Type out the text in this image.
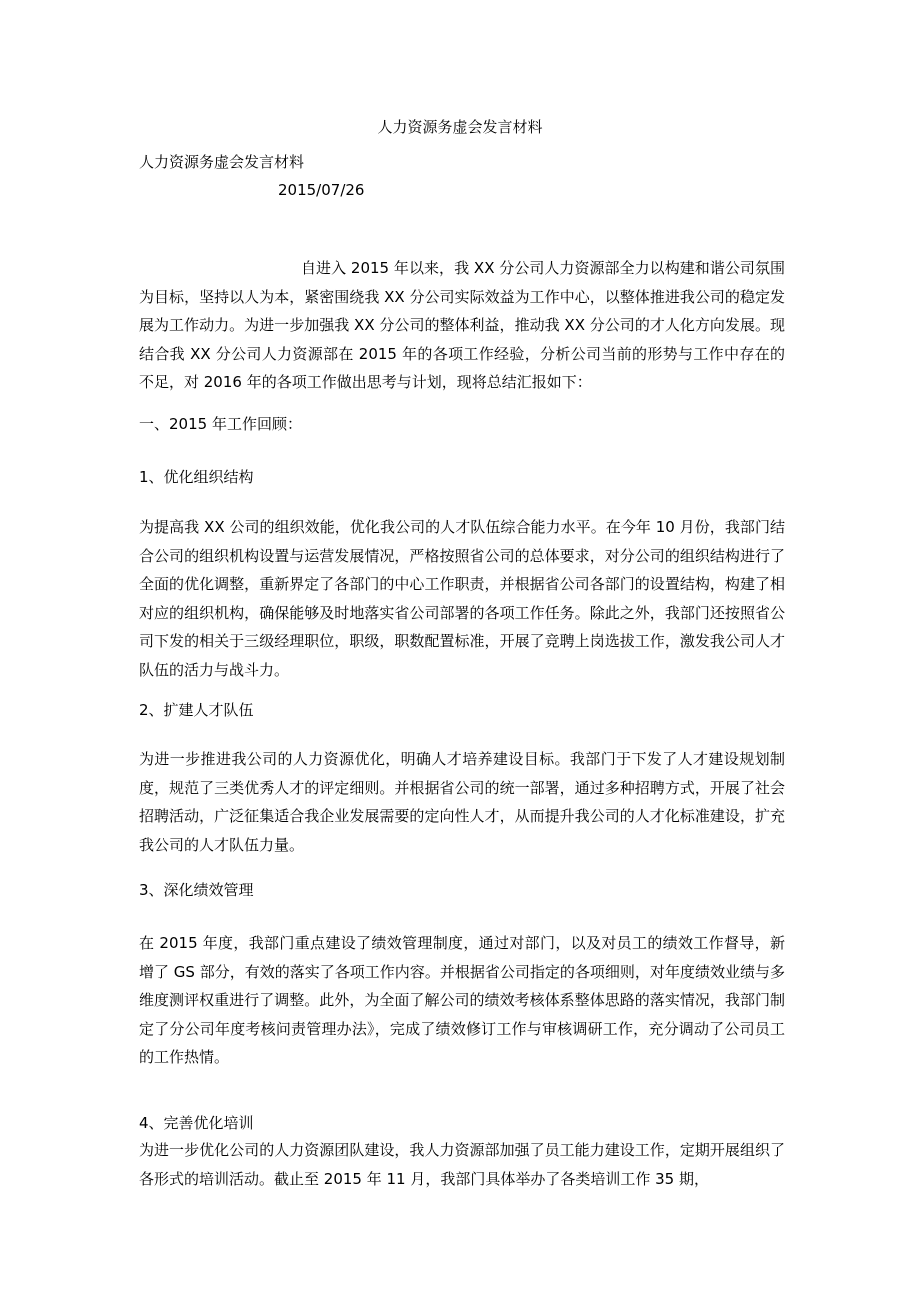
人力资源务虚会发言材料

人力资源务虚会发言材料

2015/07/26

自进入 2015 年以来，我 XX 分公司人力资源部全力以构建和谐公司氛围为目标，坚持以人为本，紧密围绕我 XX 分公司实际效益为工作中心，以整体推进我公司的稳定发展为工作动力。为进一步加强我 XX 分公司的整体利益，推动我 XX 分公司的才人化方向发展。现结合我 XX 分公司人力资源部在 2015 年的各项工作经验，分析公司当前的形势与工作中存在的不足，对 2016 年的各项工作做出思考与计划，现将总结汇报如下：

一、2015 年工作回顾：

1、优化组织结构

为提高我 XX 公司的组织效能，优化我公司的人才队伍综合能力水平。在今年 10 月份，我部门结合公司的组织机构设置与运营发展情况，严格按照省公司的总体要求，对分公司的组织结构进行了全面的优化调整，重新界定了各部门的中心工作职责，并根据省公司各部门的设置结构，构建了相对应的组织机构，确保能够及时地落实省公司部署的各项工作任务。除此之外，我部门还按照省公司下发的相关于三级经理职位，职级，职数配置标准，开展了竞聘上岗选拔工作，激发我公司人才队伍的活力与战斗力。

2、扩建人才队伍

为进一步推进我公司的人力资源优化，明确人才培养建设目标。我部门于下发了人才建设规划制度，规范了三类优秀人才的评定细则。并根据省公司的统一部署，通过多种招聘方式，开展了社会招聘活动，广泛征集适合我企业发展需要的定向性人才，从而提升我公司的人才化标准建设，扩充我公司的人才队伍力量。

3、深化绩效管理

在 2015 年度，我部门重点建设了绩效管理制度，通过对部门，以及对员工的绩效工作督导，新增了 GS 部分，有效的落实了各项工作内容。并根据省公司指定的各项细则，对年度绩效业绩与多维度测评权重进行了调整。此外，为全面了解公司的绩效考核体系整体思路的落实情况，我部门制定了分公司年度考核问责管理办法》，完成了绩效修订工作与审核调研工作，充分调动了公司员工的工作热情。

4、完善优化培训

为进一步优化公司的人力资源团队建设，我人力资源部加强了员工能力建设工作，定期开展组织了各形式的培训活动。截止至 2015 年 11 月，我部门具体举办了各类培训工作 35 期，
